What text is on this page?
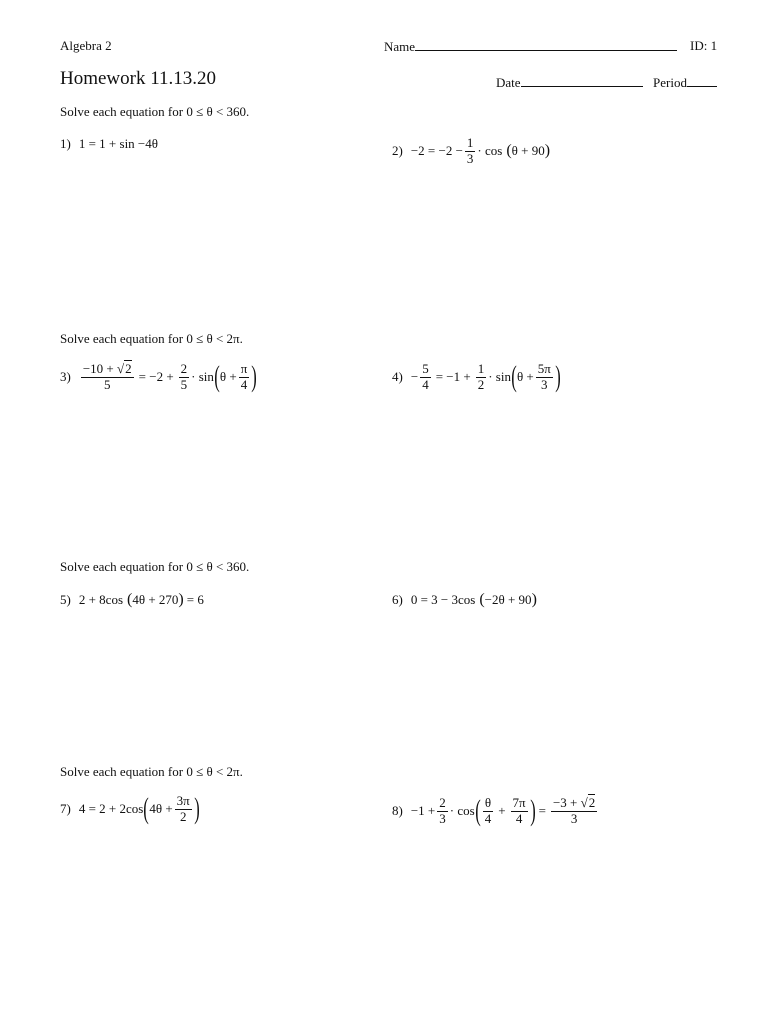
Algebra 2	Name	ID: 1
Homework 11.13.20	Date	Period
Solve each equation for 0 ≤ θ < 360.
1) 1 = 1 + sin −4θ	$2) -2 = -2 - \frac{1}{3} \cdot \cos$ ( θ + 90 )
Solve each equation for 0 ≤ θ < 2π.
$3) \frac{-10 + √2}{5} = -2 + \frac{2}{5} \cdot \sin$ ( $\theta + \frac{\pi}{4}$ )	$4) - \frac{5}{4} = -1 + \frac{1}{2} \cdot \sin$ ( $\theta + \frac{5\pi}{3}$ )
Solve each equation for 0 ≤ θ < 360.
5) 2 + 8cos ( 4θ + 270 ) = 6	6) 0 = 3 − 3cos ( −2θ + 90 )
Solve each equation for 0 ≤ θ < 2π.
7) 4 = 2 + 2cos ( $4\theta + \frac{3\pi}{2}$ )	$8) -1 + \frac{2}{3} \cdot \cos$ ( $\frac{\theta}{4} + \frac{7\pi}{4}$ ) = $\frac{-3 + √2}{3}$
